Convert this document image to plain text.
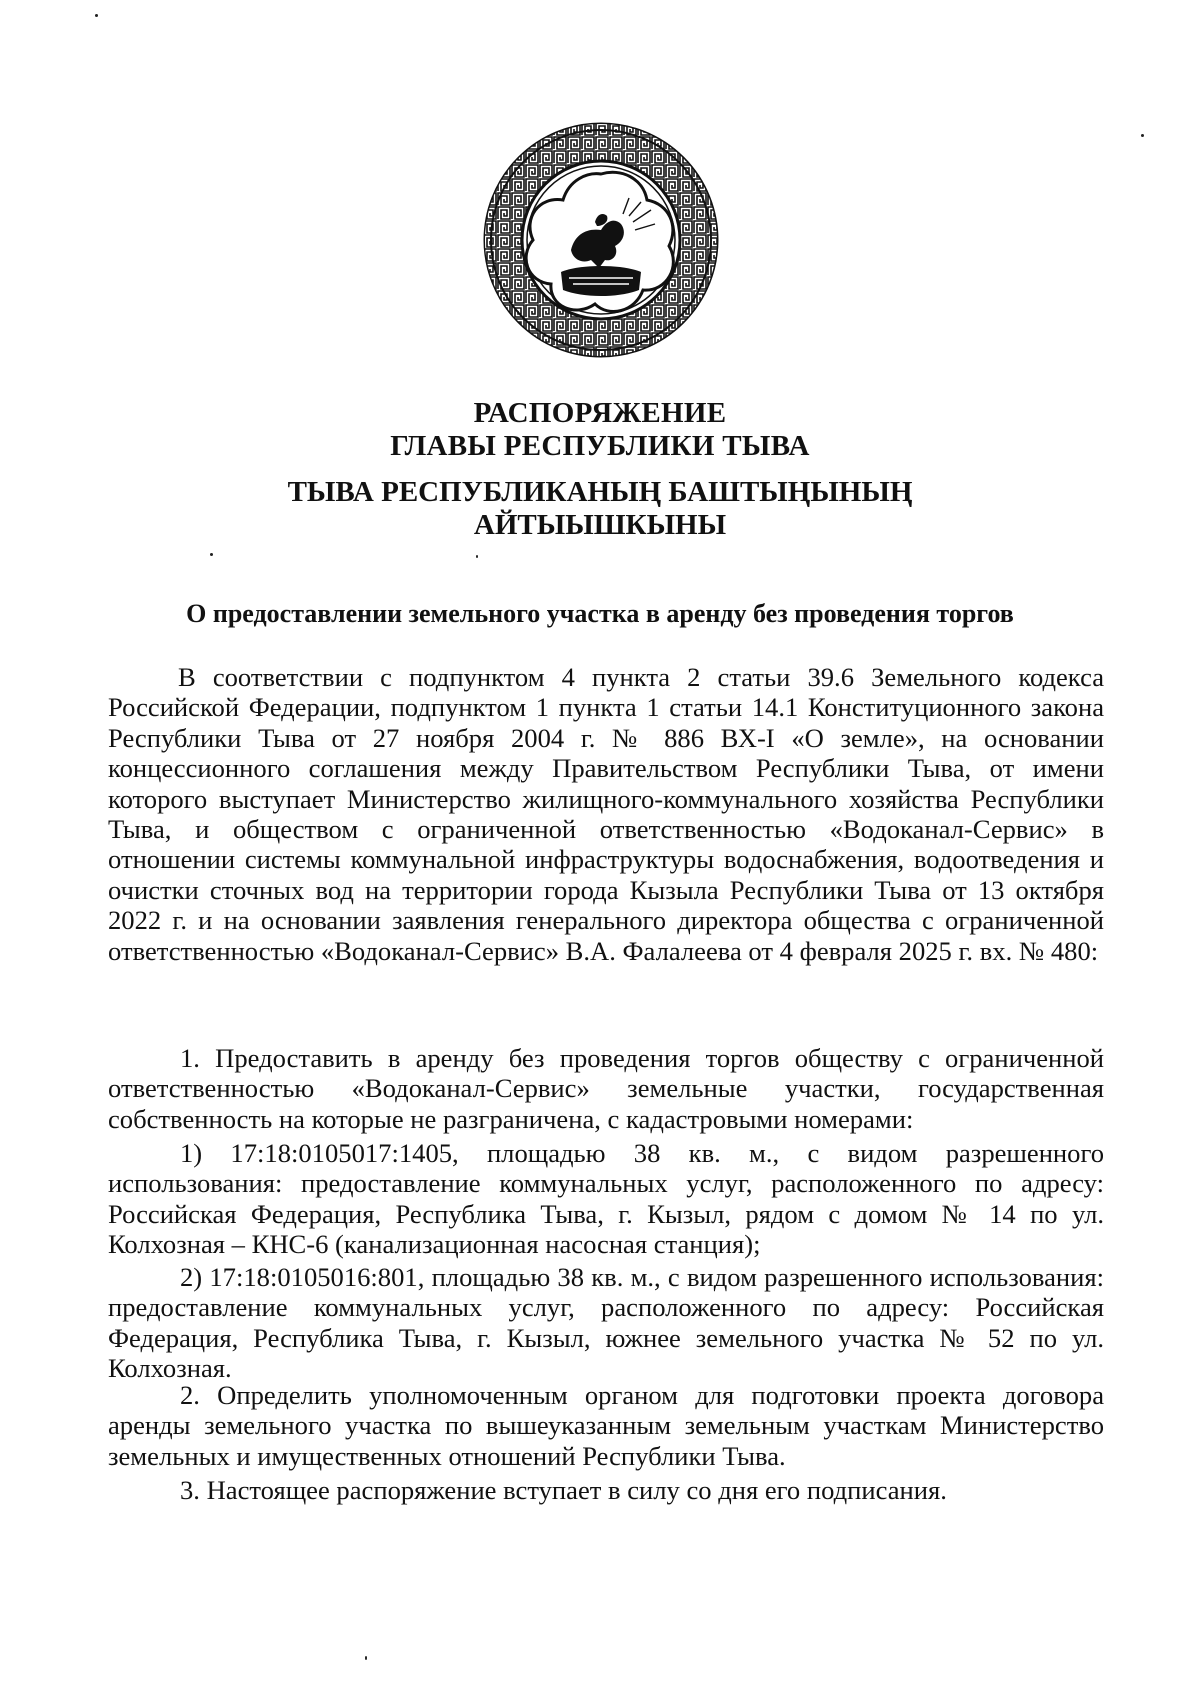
РАСПОРЯЖЕНИЕ
ГЛАВЫ РЕСПУБЛИКИ ТЫВА
ТЫВА РЕСПУБЛИКАНЫҢ БАШТЫҢЫНЫҢ
АЙТЫЫШКЫНЫ
О предоставлении земельного участка в аренду без проведения торгов

В соответствии с подпунктом 4 пункта 2 статьи 39.6 Земельного кодекса Российской Федерации, подпунктом 1 пункта 1 статьи 14.1 Конституционного закона Республики Тыва от 27 ноября 2004 г. № 886 ВХ-І «О земле», на основании концессионного соглашения между Правительством Республики Тыва, от имени которого выступает Министерство жилищного-коммунального хозяйства Республики Тыва, и обществом с ограниченной ответственностью «Водоканал-Сервис» в отношении системы коммунальной инфраструктуры водоснабжения, водоотведения и очистки сточных вод на территории города Кызыла Республики Тыва от 13 октября 2022 г. и на основании заявления генерального директора общества с ограниченной ответственностью «Водоканал-Сервис» В.А. Фалалеева от 4 февраля 2025 г. вх. № 480:

1. Предоставить в аренду без проведения торгов обществу с ограниченной ответственностью «Водоканал-Сервис» земельные участки, государственная собственность на которые не разграничена, с кадастровыми номерами:

1) 17:18:0105017:1405, площадью 38 кв. м., с видом разрешенного использования: предоставление коммунальных услуг, расположенного по адресу: Российская Федерация, Республика Тыва, г. Кызыл, рядом с домом № 14 по ул. Колхозная – КНС-6 (канализационная насосная станция);

2) 17:18:0105016:801, площадью 38 кв. м., с видом разрешенного использования: предоставление коммунальных услуг, расположенного по адресу: Российская Федерация, Республика Тыва, г. Кызыл, южнее земельного участка № 52 по ул. Колхозная.

2. Определить уполномоченным органом для подготовки проекта договора аренды земельного участка по вышеуказанным земельным участкам Министерство земельных и имущественных отношений Республики Тыва.

3. Настоящее распоряжение вступает в силу со дня его подписания.
